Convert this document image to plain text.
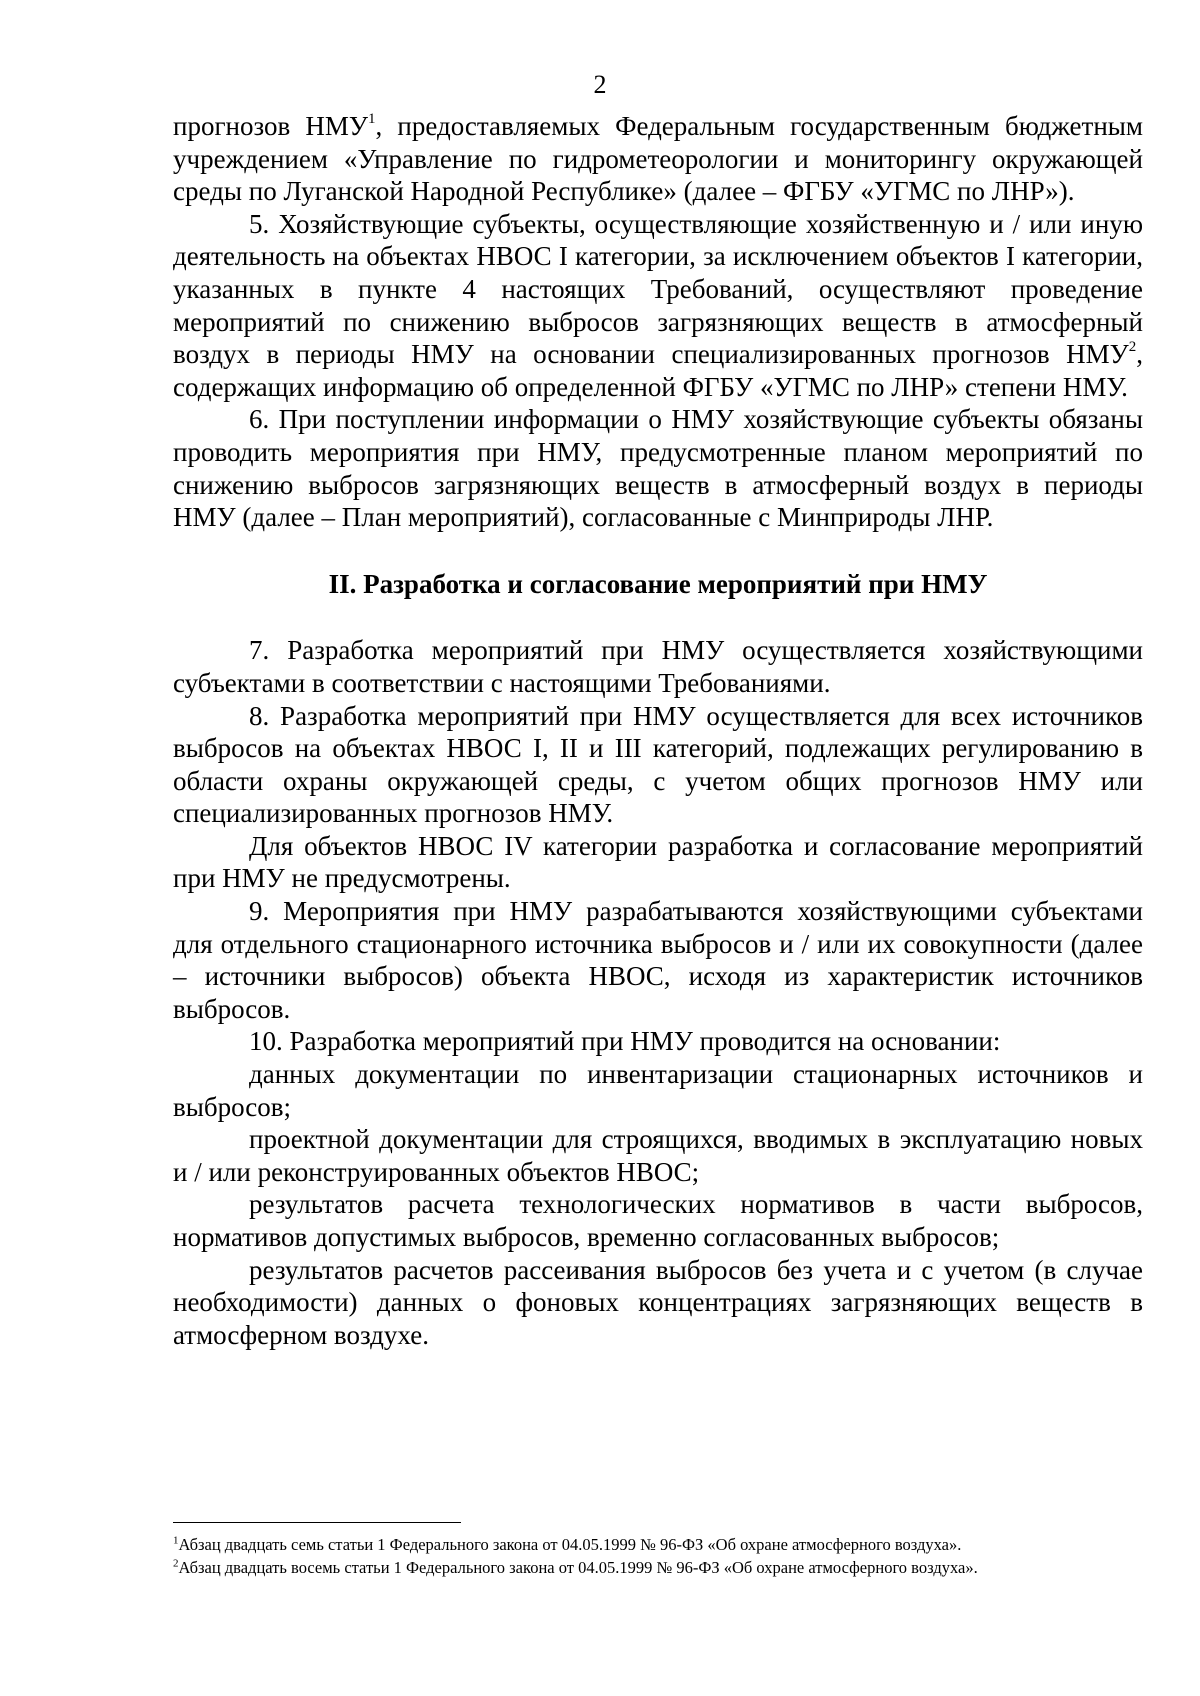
2

прогнозов НМУ$^1$, предоставляемых Федеральным государственным бюджетным учреждением «Управление по гидрометеорологии и мониторингу окружающей среды по Луганской Народной Республике» (далее – ФГБУ «УГМС по ЛНР»).

5. Хозяйствующие субъекты, осуществляющие хозяйственную и / или иную деятельность на объектах НВОС I категории, за исключением объектов I категории, указанных в пункте 4 настоящих Требований, осуществляют проведение мероприятий по снижению выбросов загрязняющих веществ в атмосферный воздух в периоды НМУ на основании специализированных прогнозов НМУ$^2$, содержащих информацию об определенной ФГБУ «УГМС по ЛНР» степени НМУ.

6. При поступлении информации о НМУ хозяйствующие субъекты обязаны проводить мероприятия при НМУ, предусмотренные планом мероприятий по снижению выбросов загрязняющих веществ в атмосферный воздух в периоды НМУ (далее – План мероприятий), согласованные с Минприроды ЛНР.

II. Разработка и согласование мероприятий при НМУ

7. Разработка мероприятий при НМУ осуществляется хозяйствующими субъектами в соответствии с настоящими Требованиями.

8. Разработка мероприятий при НМУ осуществляется для всех источников выбросов на объектах НВОС I, II и III категорий, подлежащих регулированию в области охраны окружающей среды, с учетом общих прогнозов НМУ или специализированных прогнозов НМУ.

Для объектов НВОС IV категории разработка и согласование мероприятий при НМУ не предусмотрены.

9. Мероприятия при НМУ разрабатываются хозяйствующими субъектами для отдельного стационарного источника выбросов и / или их совокупности (далее – источники выбросов) объекта НВОС, исходя из характеристик источников выбросов.

10. Разработка мероприятий при НМУ проводится на основании:

данных документации по инвентаризации стационарных источников и выбросов;

проектной документации для строящихся, вводимых в эксплуатацию новых и / или реконструированных объектов НВОС;

результатов расчета технологических нормативов в части выбросов, нормативов допустимых выбросов, временно согласованных выбросов;

результатов расчетов рассеивания выбросов без учета и с учетом (в случае необходимости) данных о фоновых концентрациях загрязняющих веществ в атмосферном воздухе.

$^1$Абзац двадцать семь статьи 1 Федерального закона от 04.05.1999 № 96-ФЗ «Об охране атмосферного воздуха».

$^2$Абзац двадцать восемь статьи 1 Федерального закона от 04.05.1999 № 96-ФЗ «Об охране атмосферного воздуха».
